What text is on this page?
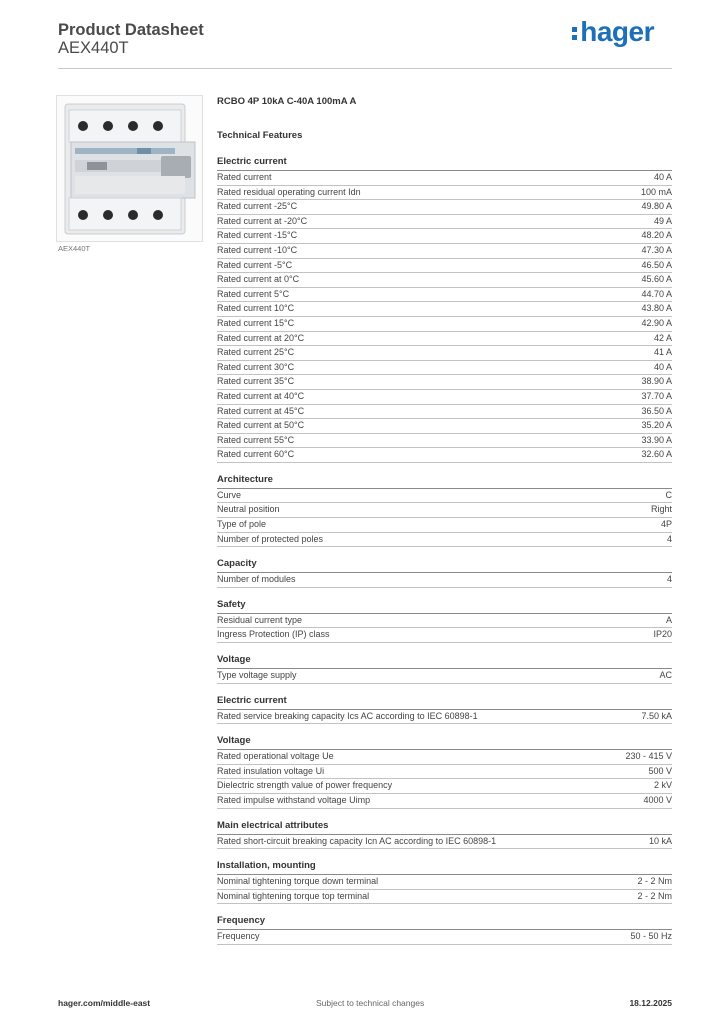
Product Datasheet
AEX440T
hager
AEX440T
RCBO 4P 10kA C-40A 100mA A
Technical Features
Electric current
Rated current	40 A
Rated residual operating current Idn	100 mA
Rated current -25°C	49.80 A
Rated current at -20°C	49 A
Rated current -15°C	48.20 A
Rated current -10°C	47.30 A
Rated current -5°C	46.50 A
Rated current at 0°C	45.60 A
Rated current 5°C	44.70 A
Rated current 10°C	43.80 A
Rated current 15°C	42.90 A
Rated current at 20°C	42 A
Rated current 25°C	41 A
Rated current 30°C	40 A
Rated current 35°C	38.90 A
Rated current at 40°C	37.70 A
Rated current at 45°C	36.50 A
Rated current at 50°C	35.20 A
Rated current 55°C	33.90 A
Rated current 60°C	32.60 A
Architecture
Curve	C
Neutral position	Right
Type of pole	4P
Number of protected poles	4
Capacity
Number of modules	4
Safety
Residual current type	A
Ingress Protection (IP) class	IP20
Voltage
Type voltage supply	AC
Electric current
Rated service breaking capacity Ics AC according to IEC 60898-1	7.50 kA
Voltage
Rated operational voltage Ue	230 - 415 V
Rated insulation voltage Ui	500 V
Dielectric strength value of power frequency	2 kV
Rated impulse withstand voltage Uimp	4000 V
Main electrical attributes
Rated short-circuit breaking capacity Icn AC according to IEC 60898-1	10 kA
Installation, mounting
Nominal tightening torque down terminal	2 - 2 Nm
Nominal tightening torque top terminal	2 - 2 Nm
Frequency
Frequency	50 - 50 Hz
hager.com/middle-east	Subject to technical changes	18.12.2025
